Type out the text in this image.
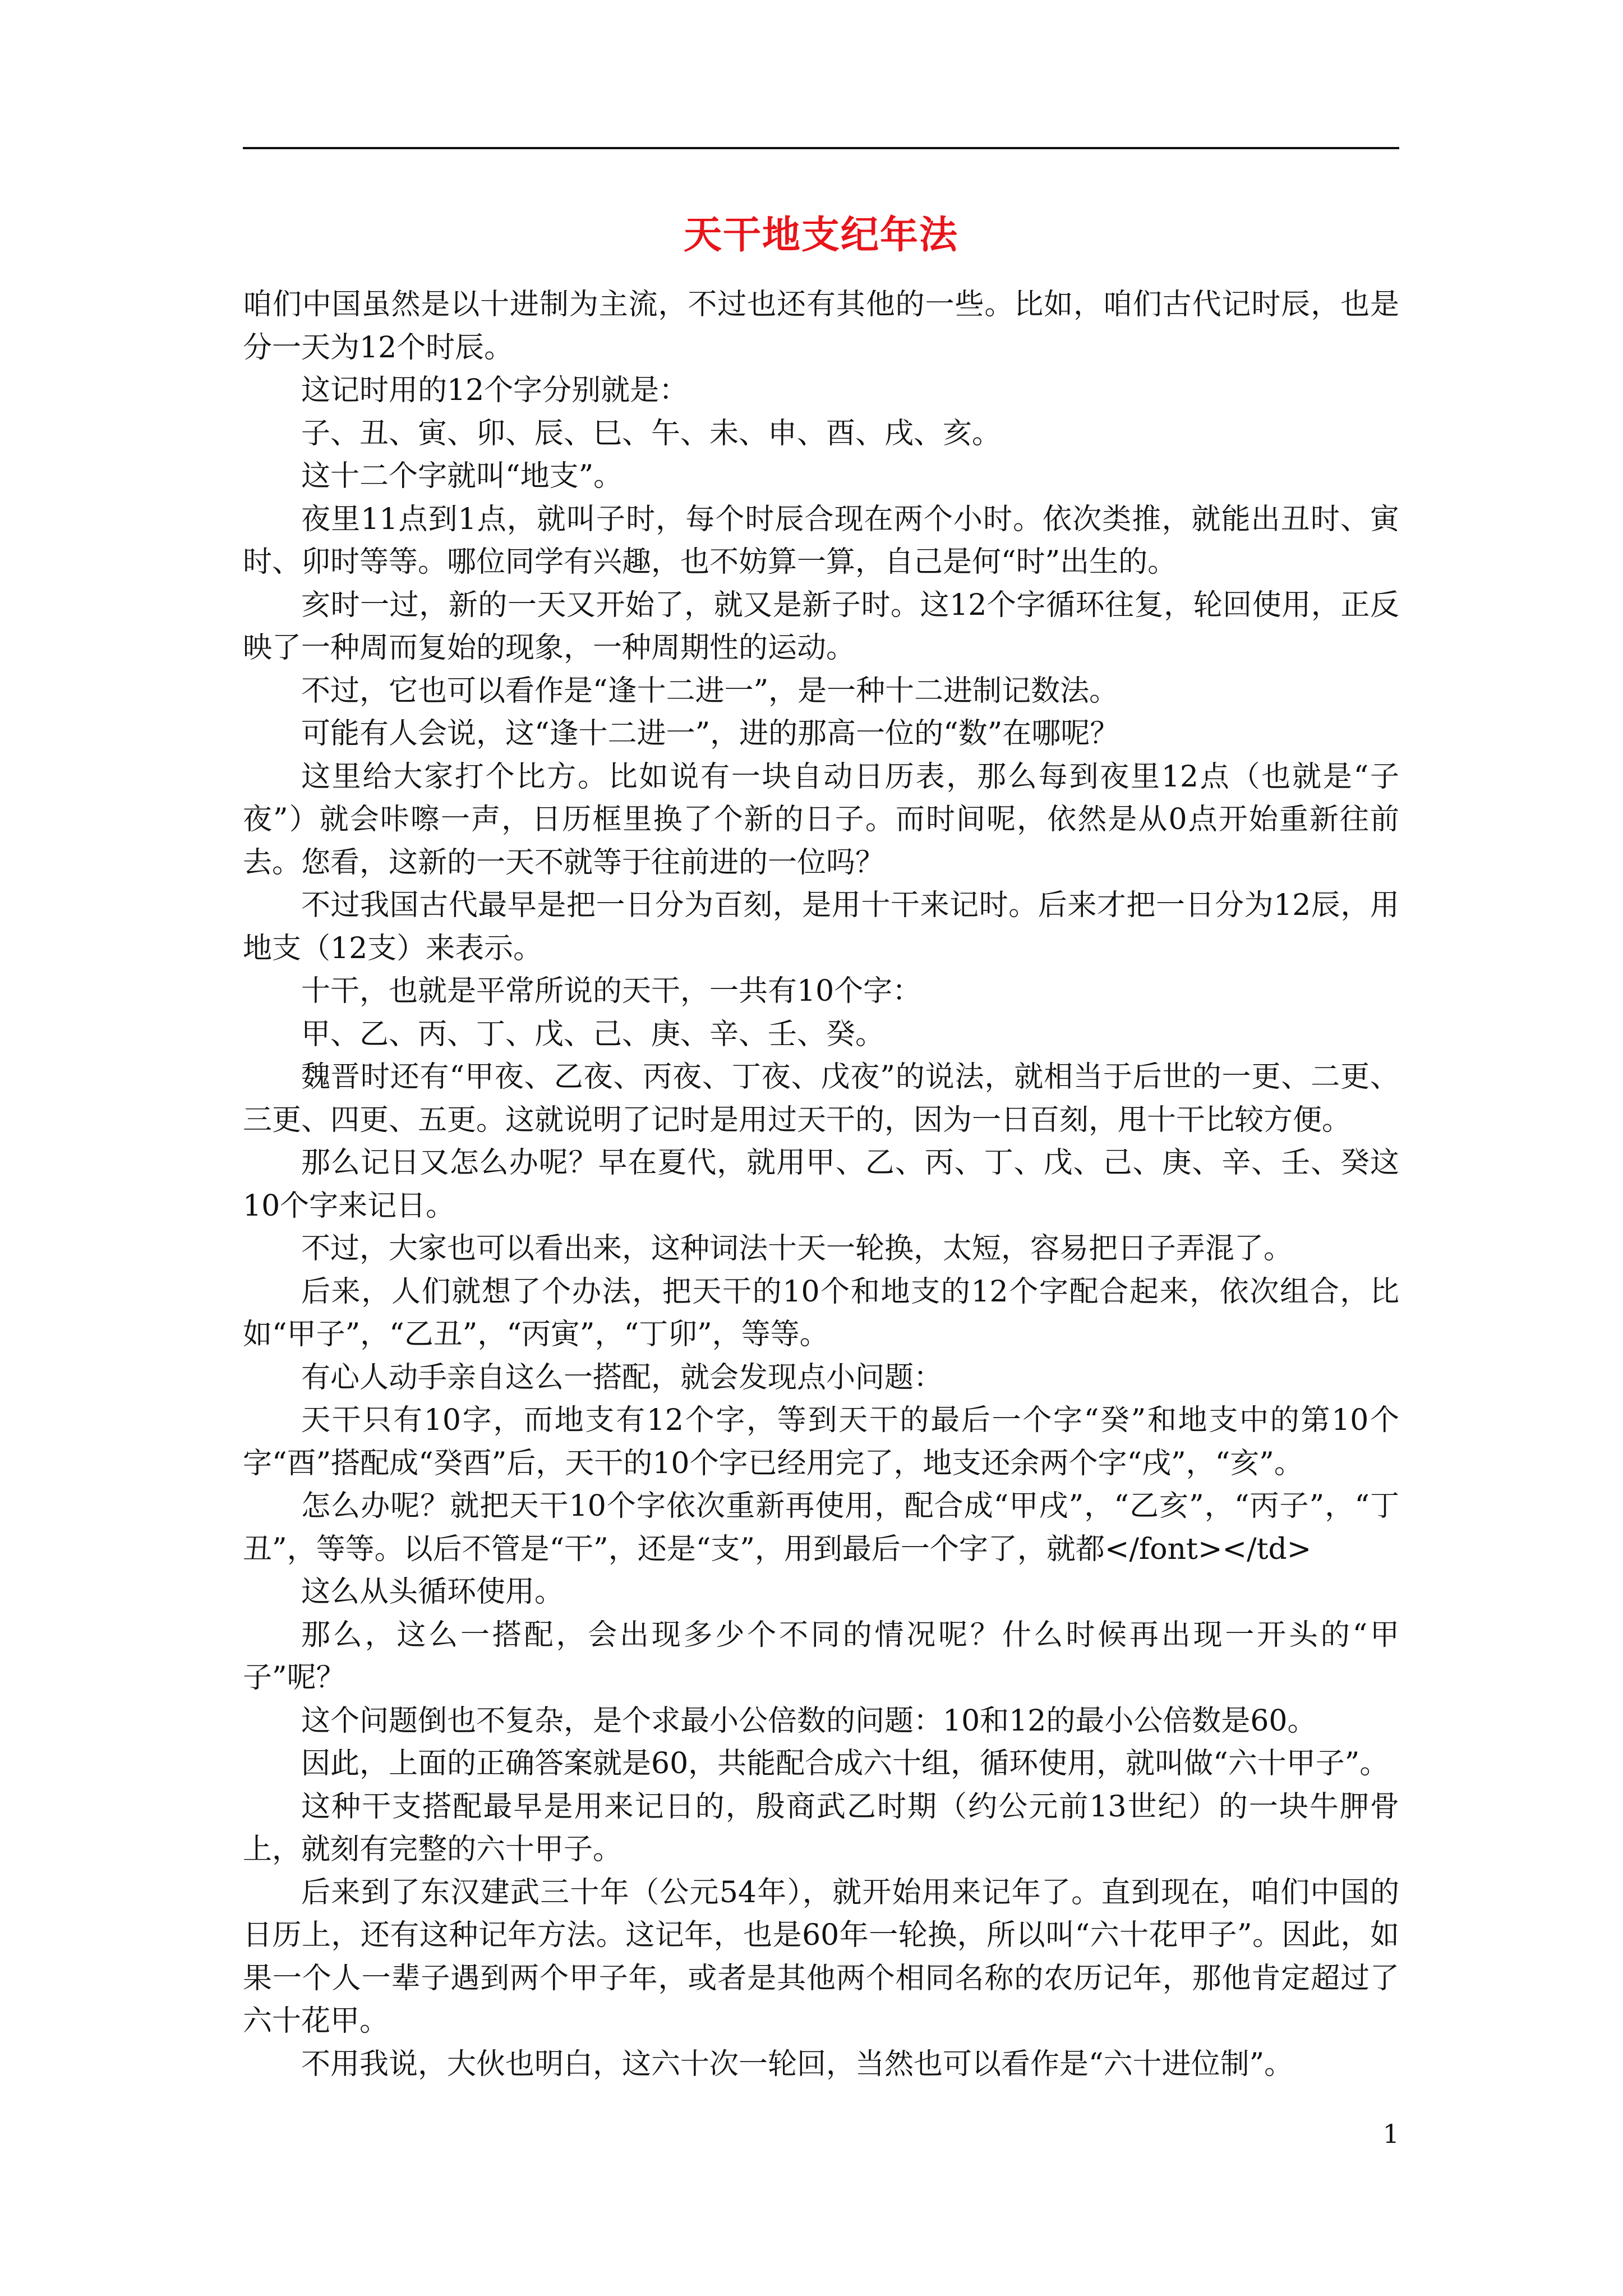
天干地支纪年法

咱们中国虽然是以十进制为主流，不过也还有其他的一些。比如，咱们古代记时辰，也是分一天为12个时辰。

这记时用的12个字分别就是：

子、丑、寅、卯、辰、巳、午、未、申、酉、戌、亥。

这十二个字就叫“地支”。

夜里11点到1点，就叫子时，每个时辰合现在两个小时。依次类推，就能出丑时、寅时、卯时等等。哪位同学有兴趣，也不妨算一算，自己是何“时”出生的。

亥时一过，新的一天又开始了，就又是新子时。这12个字循环往复，轮回使用，正反映了一种周而复始的现象，一种周期性的运动。

不过，它也可以看作是“逢十二进一”，是一种十二进制记数法。

可能有人会说，这“逢十二进一”，进的那高一位的“数”在哪呢？

这里给大家打个比方。比如说有一块自动日历表，那么每到夜里12点（也就是“子夜”）就会咔嚓一声，日历框里换了个新的日子。而时间呢，依然是从0点开始重新往前去。您看，这新的一天不就等于往前进的一位吗？

不过我国古代最早是把一日分为百刻，是用十干来记时。后来才把一日分为12辰，用地支（12支）来表示。

十干，也就是平常所说的天干，一共有10个字：

甲、乙、丙、丁、戊、己、庚、辛、壬、癸。

魏晋时还有“甲夜、乙夜、丙夜、丁夜、戊夜”的说法，就相当于后世的一更、二更、三更、四更、五更。这就说明了记时是用过天干的，因为一日百刻，甩十干比较方便。

那么记日又怎么办呢？早在夏代，就用甲、乙、丙、丁、戊、己、庚、辛、壬、癸这10个字来记日。

不过，大家也可以看出来，这种词法十天一轮换，太短，容易把日子弄混了。

后来，人们就想了个办法，把天干的10个和地支的12个字配合起来，依次组合，比如“甲子”，“乙丑”，“丙寅”，“丁卯”，等等。

有心人动手亲自这么一搭配，就会发现点小问题：

天干只有10字，而地支有12个字，等到天干的最后一个字“癸”和地支中的第10个字“酉”搭配成“癸酉”后，天干的10个字已经用完了，地支还余两个字“戌”，“亥”。

怎么办呢？就把天干10个字依次重新再使用，配合成“甲戌”，“乙亥”，“丙子”，“丁丑”，等等。以后不管是“干”，还是“支”，用到最后一个字了，就都</font></td>

这么从头循环使用。

那么，这么一搭配，会出现多少个不同的情况呢？什么时候再出现一开头的“甲子”呢？

这个问题倒也不复杂，是个求最小公倍数的问题：10和12的最小公倍数是60。

因此，上面的正确答案就是60，共能配合成六十组，循环使用，就叫做“六十甲子”。

这种干支搭配最早是用来记日的，殷商武乙时期（约公元前13世纪）的一块牛胛骨上，就刻有完整的六十甲子。

后来到了东汉建武三十年（公元54年），就开始用来记年了。直到现在，咱们中国的日历上，还有这种记年方法。这记年，也是60年一轮换，所以叫“六十花甲子”。因此，如果一个人一辈子遇到两个甲子年，或者是其他两个相同名称的农历记年，那他肯定超过了六十花甲。

不用我说，大伙也明白，这六十次一轮回，当然也可以看作是“六十进位制”。

1
